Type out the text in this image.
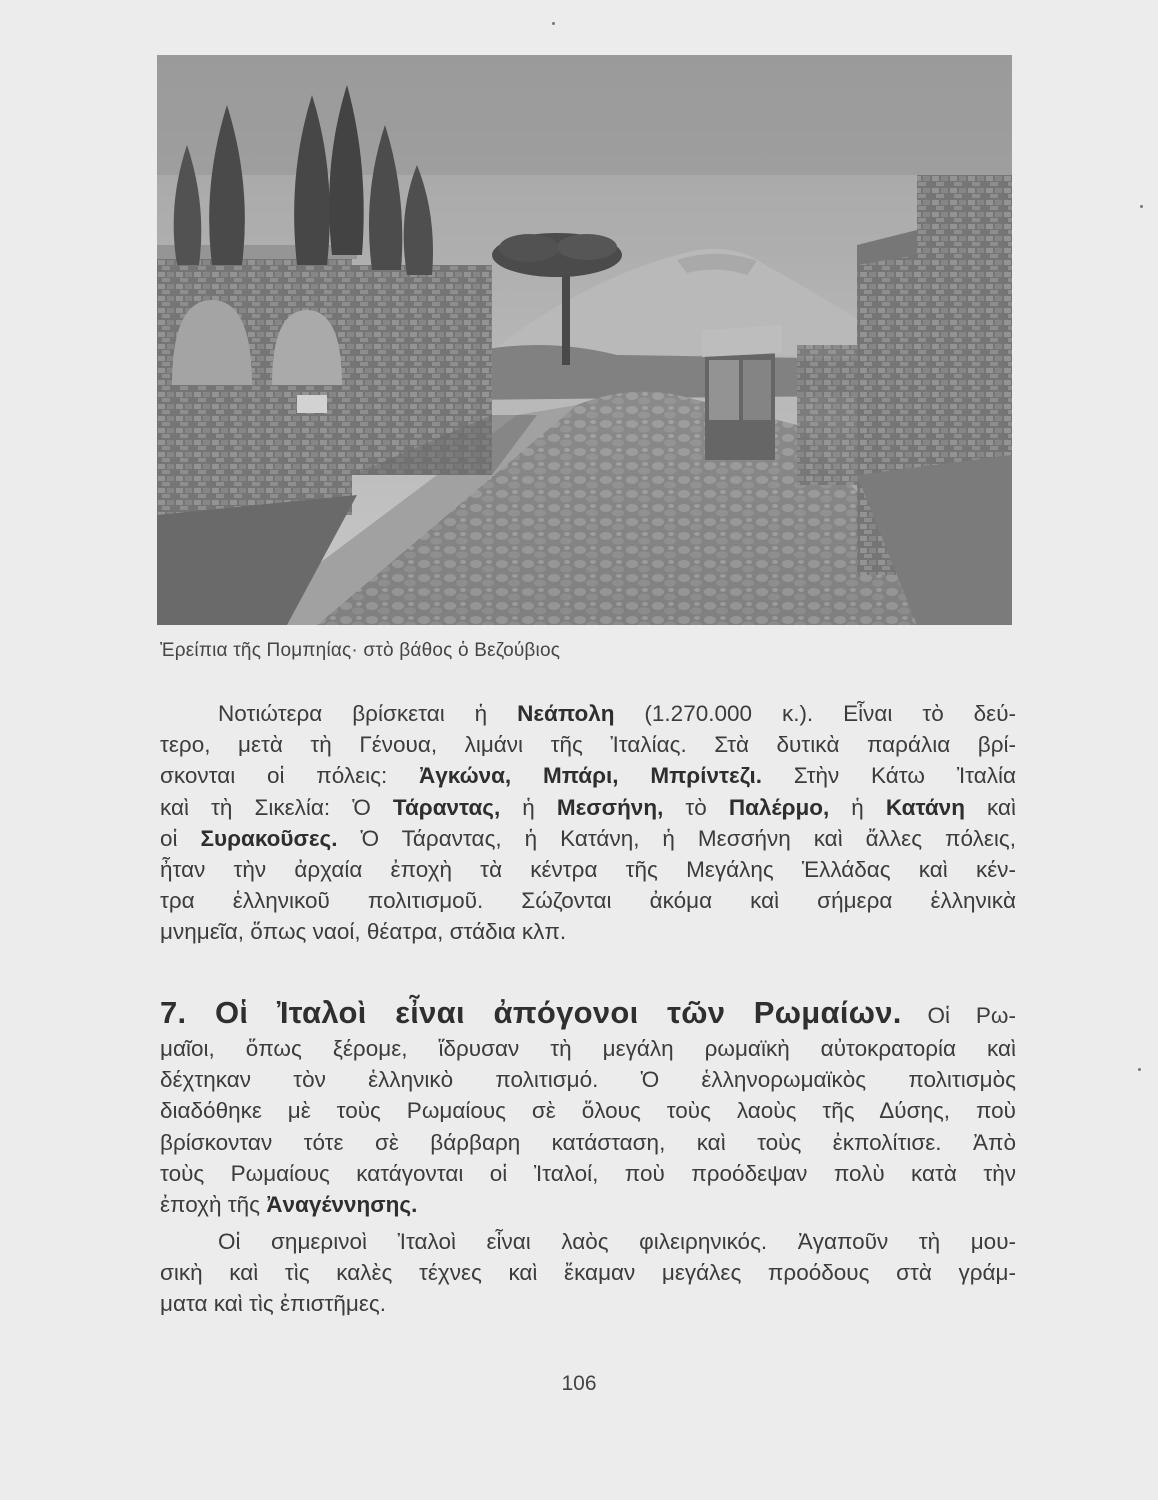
Ἐρείπια τῆς Πομπηίας· στὸ βάθος ὁ Βεζούβιος
Νοτιώτερα βρίσκεται ἡ Νεάπολη (1.270.000 κ.). Εἶναι τὸ δεύ-
τερο, μετὰ τὴ Γένουα, λιμάνι τῆς Ἰταλίας. Στὰ δυτικὰ παράλια βρί-
σκονται οἱ πόλεις: Ἀγκώνα, Μπάρι, Μπρίντεζι. Στὴν Κάτω Ἰταλία
καὶ τὴ Σικελία: Ὁ Τάραντας, ἡ Μεσσήνη, τὸ Παλέρμο, ἡ Κατάνη καὶ
οἱ Συρακοῦσες. Ὁ Τάραντας, ἡ Κατάνη, ἡ Μεσσήνη καὶ ἄλλες πόλεις,
ἦταν τὴν ἀρχαία ἐποχὴ τὰ κέντρα τῆς Μεγάλης Ἑλλάδας καὶ κέν-
τρα ἑλληνικοῦ πολιτισμοῦ. Σώζονται ἀκόμα καὶ σήμερα ἑλληνικὰ
μνημεῖα, ὅπως ναοί, θέατρα, στάδια κλπ.
7. Οἱ Ἰταλοὶ εἶναι ἀπόγονοι τῶν Ρωμαίων. Οἱ Ρω-
μαῖοι, ὅπως ξέρομε, ἵδρυσαν τὴ μεγάλη ρωμαϊκὴ αὐτοκρατορία καὶ
δέχτηκαν τὸν ἑλληνικὸ πολιτισμό. Ὁ ἑλληνορωμαϊκὸς πολιτισμὸς
διαδόθηκε μὲ τοὺς Ρωμαίους σὲ ὅλους τοὺς λαοὺς τῆς Δύσης, ποὺ
βρίσκονταν τότε σὲ βάρβαρη κατάσταση, καὶ τοὺς ἐκπολίτισε. Ἀπὸ
τοὺς Ρωμαίους κατάγονται οἱ Ἰταλοί, ποὺ προόδεψαν πολὺ κατὰ τὴν
ἐποχὴ τῆς Ἀναγέννησης.
Οἱ σημερινοὶ Ἰταλοὶ εἶναι λαὸς φιλειρηνικός. Ἀγαποῦν τὴ μου-
σικὴ καὶ τὶς καλὲς τέχνες καὶ ἔκαμαν μεγάλες προόδους στὰ γράμ-
ματα καὶ τὶς ἐπιστῆμες.
106
